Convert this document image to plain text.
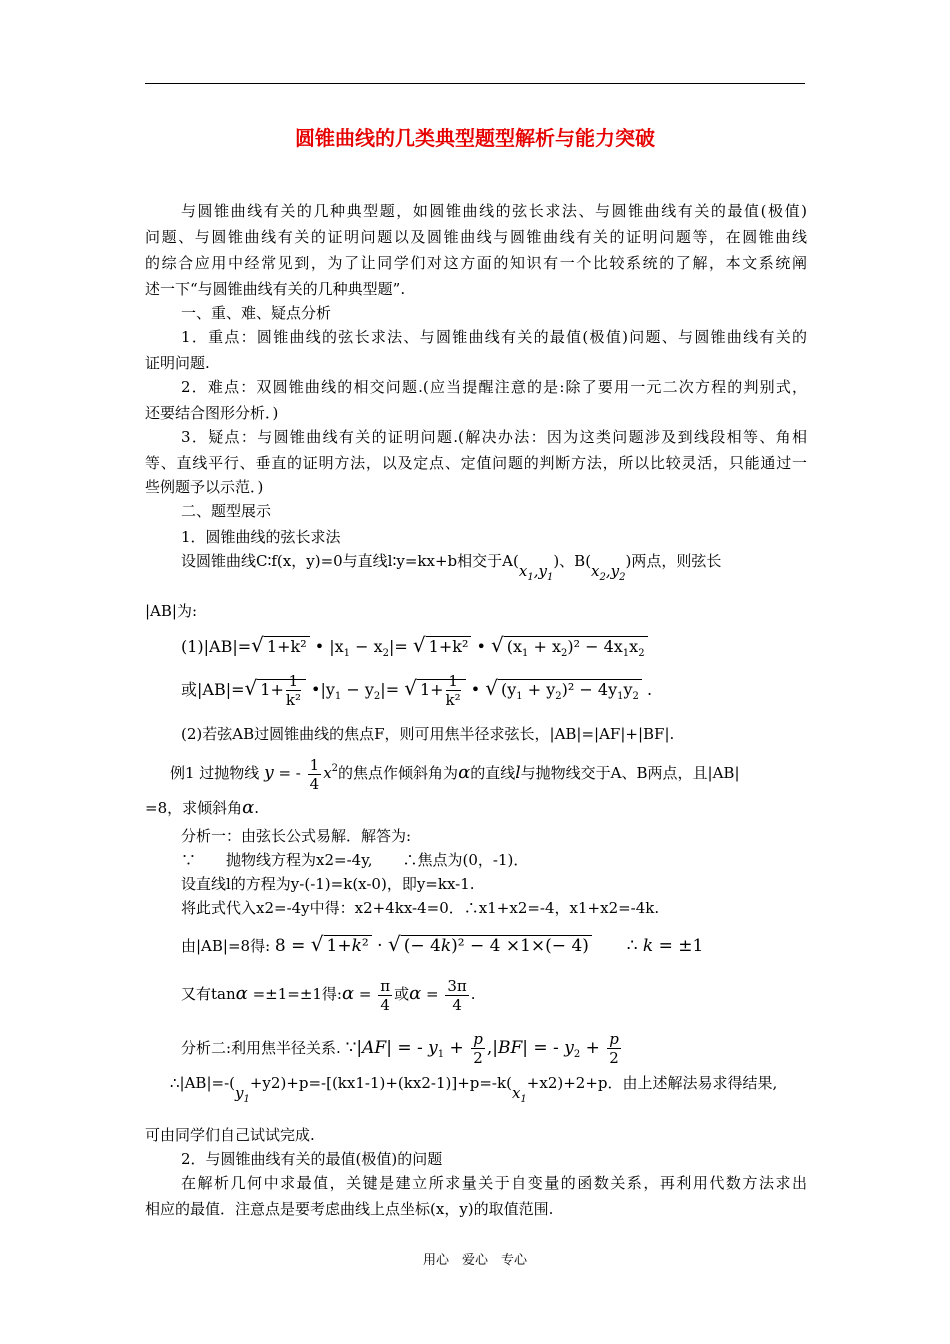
圆锥曲线的几类典型题型解析与能力突破
与圆锥曲线有关的几种典型题，如圆锥曲线的弦长求法、与圆锥曲线有关的最值(极值)
问题、与圆锥曲线有关的证明问题以及圆锥曲线与圆锥曲线有关的证明问题等，在圆锥曲线
的综合应用中经常见到，为了让同学们对这方面的知识有一个比较系统的了解，本文系统阐
述一下“与圆锥曲线有关的几种典型题”.
一、重、难、疑点分析
1．重点：圆锥曲线的弦长求法、与圆锥曲线有关的最值(极值)问题、与圆锥曲线有关的
证明问题.
2．难点：双圆锥曲线的相交问题.(应当提醒注意的是:除了要用一元二次方程的判别式，
还要结合图形分析．)
3．疑点：与圆锥曲线有关的证明问题.(解决办法：因为这类问题涉及到线段相等、角相
等、直线平行、垂直的证明方法，以及定点、定值问题的判断方法，所以比较灵活，只能通过一
些例题予以示范．)
二、题型展示
1．圆锥曲线的弦长求法
设圆锥曲线C∶f(x，y)=0与直线l∶y=kx+b相交于$A(x_1,y_1)$、$B(x_2,y_2)$两点，则弦长
|AB|为:
(1)|AB|=√ 1+k² • $|x_1 - x_2|=$ √ 1+k² • √ $(x_1 + x_2)^2 - 4x_1x_2$
或|AB|=√ $1+ \frac{1}{\text{k²}}$ $•|y_1 - y_2|=$ √ $1+ \frac{1}{\text{k²}}$ • √ $(y_1 + y_2)^2 - 4y_1y_2$ .
(2)若弦AB过圆锥曲线的焦点F，则可用焦半径求弦长，|AB|=|AF|+|BF|.
例1 过抛物线 y = - $\frac{1}{4} x^2$的焦点作倾斜角为α的直线l与抛物线交于A、B两点，且|AB|
=8，求倾斜角α.
分析一：由弦长公式易解．解答为:
∵　　 抛物线方程为x2=-4y,　　 ∴焦点为(0，-1)．
设直线l的方程为y-(-1)=k(x-0)，即y=kx-1.
将此式代入x2=-4y中得：x2+4kx-4=0．∴x1+x2=-4，x1+x2=-4k.
由|AB|=8得: 8 = √ 1+k² · √ (− 4k)² − 4 ×1×(− 4) 　　 ∴ k = ±1
又有tanα =±1=±1得:α = $\frac{\pi}{4}$ 或$\alpha = \frac{3\pi}{4}$ .
分析二:利用焦半径关系. ∵|AF| = - $y_1 + \frac{p}{2} ,|BF|$ = - $y_2 + \frac{p}{2}$
$\therefore|AB|=-(y_1+y2)+p=-[(kx1-1)+(kx2-1)]+p=-k(x_1+x2)+2+p$．由上述解法易求得结果,
可由同学们自己试试完成.
2．与圆锥曲线有关的最值(极值)的问题
在解析几何中求最值，关键是建立所求量关于自变量的函数关系，再利用代数方法求出
相应的最值．注意点是要考虑曲线上点坐标(x，y)的取值范围.
用心　爱心　专心
